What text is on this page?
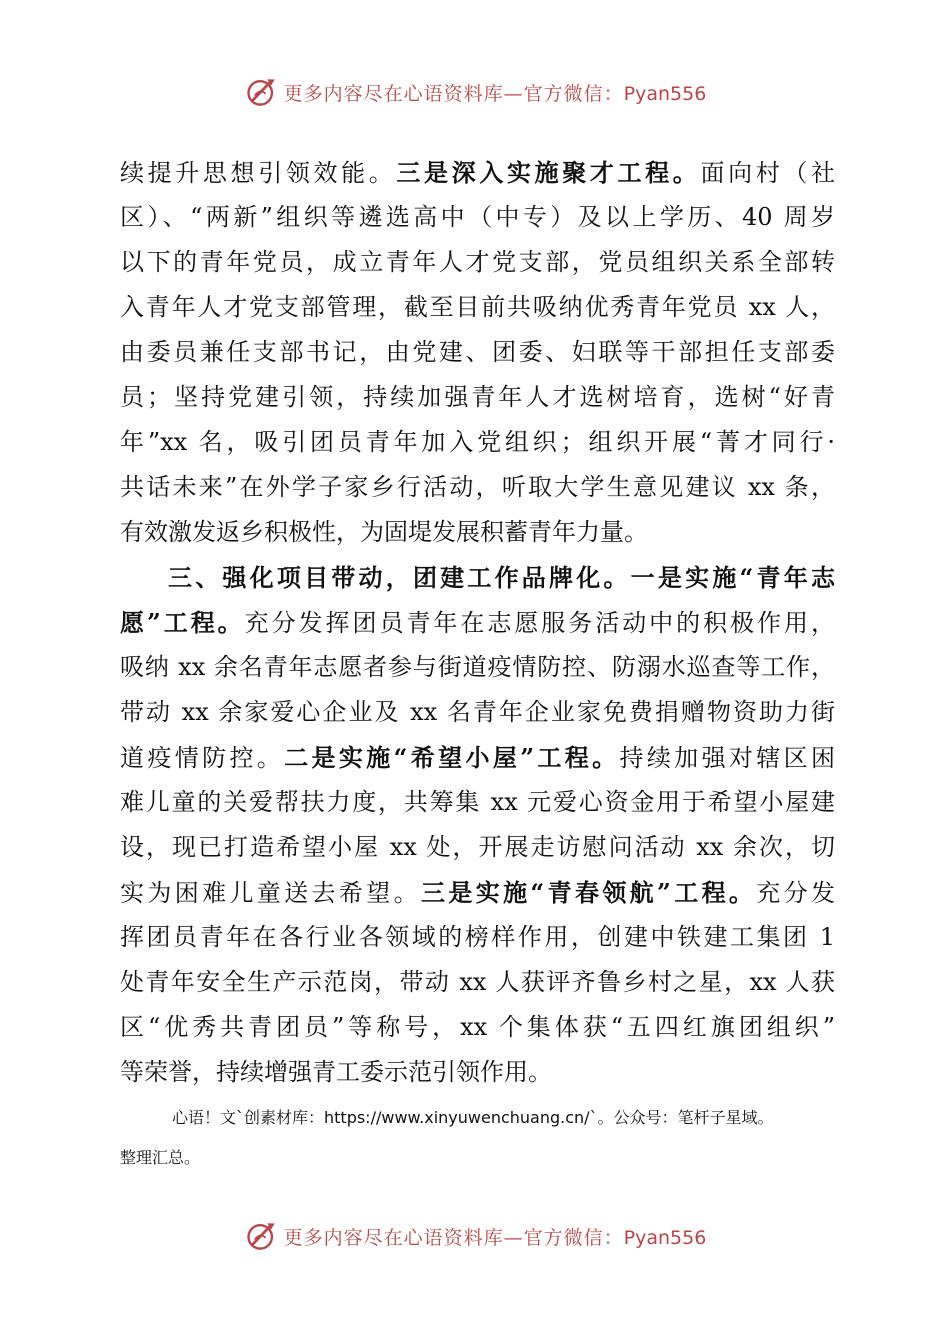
更多内容尽在心语资料库—官方微信：Pyan556
续提升思想引领效能。三是深入实施聚才工程。面向村（社
区）、“两新”组织等遴选高中（中专）及以上学历、40 周岁
以下的青年党员，成立青年人才党支部，党员组织关系全部转
入青年人才党支部管理，截至目前共吸纳优秀青年党员 xx 人，
由委员兼任支部书记，由党建、团委、妇联等干部担任支部委
员；坚持党建引领，持续加强青年人才选树培育，选树“好青
年”xx 名，吸引团员青年加入党组织；组织开展“菁才同行·
共话未来”在外学子家乡行活动，听取大学生意见建议 xx 条，
有效激发返乡积极性，为固堤发展积蓄青年力量。
三、强化项目带动，团建工作品牌化。一是实施“青年志
愿”工程。充分发挥团员青年在志愿服务活动中的积极作用，
吸纳 xx 余名青年志愿者参与街道疫情防控、防溺水巡查等工作，
带动 xx 余家爱心企业及 xx 名青年企业家免费捐赠物资助力街
道疫情防控。二是实施“希望小屋”工程。持续加强对辖区困
难儿童的关爱帮扶力度，共筹集 xx 元爱心资金用于希望小屋建
设，现已打造希望小屋 xx 处，开展走访慰问活动 xx 余次，切
实为困难儿童送去希望。三是实施“青春领航”工程。充分发
挥团员青年在各行业各领域的榜样作用，创建中铁建工集团 1
处青年安全生产示范岗，带动 xx 人获评齐鲁乡村之星，xx 人获
区“优秀共青团员”等称号，xx 个集体获“五四红旗团组织”
等荣誉，持续增强青工委示范引领作用。
心语！文`创素材库：https://www.xinyuwenchuang.cn/`。公众号：笔杆子星域。
整理汇总。
更多内容尽在心语资料库—官方微信：Pyan556
